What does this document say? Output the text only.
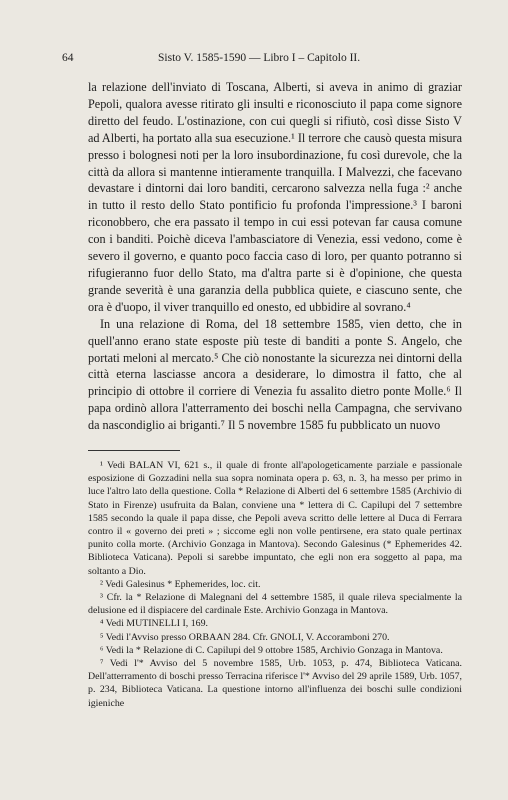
64	Sisto V. 1585-1590 — Libro I – Capitolo II.

la relazione dell'inviato di Toscana, Alberti, si aveva in animo di graziar Pepoli, qualora avesse ritirato gli insulti e riconosciuto il papa come signore diretto del feudo. L'ostinazione, con cui quegli si rifiutò, così disse Sisto V ad Alberti, ha portato alla sua esecuzione.¹ Il terrore che causò questa misura presso i bolognesi noti per la loro insubordinazione, fu così durevole, che la città da allora si mantenne intieramente tranquilla. I Malvezzi, che facevano devastare i dintorni dai loro banditi, cercarono salvezza nella fuga :² anche in tutto il resto dello Stato pontificio fu profonda l'impressione.³ I baroni riconobbero, che era passato il tempo in cui essi potevan far causa comune con i banditi. Poichè diceva l'ambasciatore di Venezia, essi vedono, come è severo il governo, e quanto poco faccia caso di loro, per quanto potranno si rifugieranno fuor dello Stato, ma d'altra parte si è d'opinione, che questa grande severità è una garanzia della pubblica quiete, e ciascuno sente, che ora è d'uopo, il viver tranquillo ed onesto, ed ubbidire al sovrano.⁴

In una relazione di Roma, del 18 settembre 1585, vien detto, che in quell'anno erano state esposte più teste di banditi a ponte S. Angelo, che portati meloni al mercato.⁵ Che ciò nonostante la sicurezza nei dintorni della città eterna lasciasse ancora a desiderare, lo dimostra il fatto, che al principio di ottobre il corriere di Venezia fu assalito dietro ponte Molle.⁶ Il papa ordinò allora l'atterramento dei boschi nella Campagna, che servivano da nascondiglio ai briganti.⁷ Il 5 novembre 1585 fu pubblicato un nuovo

¹ Vedi BALAN VI, 621 s., il quale di fronte all'apologeticamente parziale e passionale esposizione di Gozzadini nella sua sopra nominata opera p. 63, n. 3, ha messo per primo in luce l'altro lato della questione. Colla * Relazione di Alberti del 6 settembre 1585 (Archivio di Stato in Firenze) usufruita da Balan, conviene una * lettera di C. Capilupi del 7 settembre 1585 secondo la quale il papa disse, che Pepoli aveva scritto delle lettere al Duca di Ferrara contro il « governo dei preti » ; siccome egli non volle pentirsene, era stato quale pertinax punito colla morte. (Archivio Gonzaga in Mantova). Secondo Galesinus (* Ephemerides 42. Biblioteca Vaticana). Pepoli si sarebbe impuntato, che egli non era soggetto al papa, ma soltanto a Dio.

² Vedi Galesinus * Ephemerides, loc. cit.

³ Cfr. la * Relazione di Malegnani del 4 settembre 1585, il quale rileva specialmente la delusione ed il dispiacere del cardinale Este. Archivio Gonzaga in Mantova.

⁴ Vedi MUTINELLI I, 169.

⁵ Vedi l'Avviso presso ORBAAN 284. Cfr. GNOLI, V. Accoramboni 270.

⁶ Vedi la * Relazione di C. Capilupi del 9 ottobre 1585, Archivio Gonzaga in Mantova.

⁷ Vedi l'* Avviso del 5 novembre 1585, Urb. 1053, p. 474, Biblioteca Vaticana. Dell'atterramento di boschi presso Terracina riferisce l'* Avviso del 29 aprile 1589, Urb. 1057, p. 234, Biblioteca Vaticana. La questione intorno all'influenza dei boschi sulle condizioni igieniche
